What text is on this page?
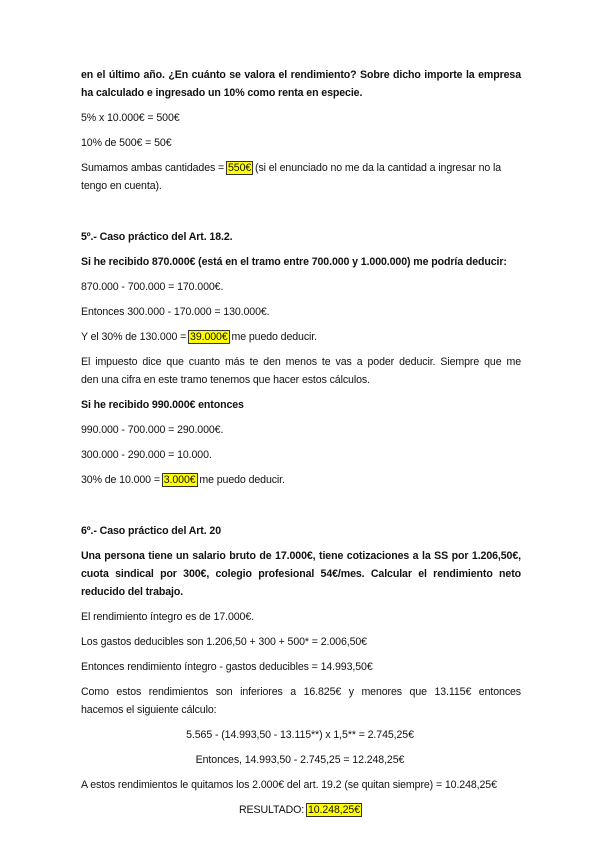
en el último año. ¿En cuánto se valora el rendimiento? Sobre dicho importe la empresa
ha calculado e ingresado un 10% como renta en especie.
5% x 10.000€ = 500€
10% de 500€ = 50€
Sumamos ambas cantidades = 550€ (si el enunciado no me da la cantidad a ingresar no la
tengo en cuenta).
5º.- Caso práctico del Art. 18.2.
Si he recibido 870.000€ (está en el tramo entre 700.000 y 1.000.000) me podría deducir:
870.000 - 700.000 = 170.000€.
Entonces 300.000 - 170.000 = 130.000€.
Y el 30% de 130.000 = 39.000€ me puedo deducir.
El impuesto dice que cuanto más te den menos te vas a poder deducir. Siempre que me
den una cifra en este tramo tenemos que hacer estos cálculos.
Si he recibido 990.000€ entonces
990.000 - 700.000 = 290.000€.
300.000 - 290.000 = 10.000.
30% de 10.000 = 3.000€ me puedo deducir.
6º.- Caso práctico del Art. 20
Una persona tiene un salario bruto de 17.000€, tiene cotizaciones a la SS por 1.206,50€,
cuota sindical por 300€, colegio profesional 54€/mes. Calcular el rendimiento neto
reducido del trabajo.
El rendimiento íntegro es de 17.000€.
Los gastos deducibles son 1.206,50 + 300 + 500* = 2.006,50€
Entonces rendimiento íntegro - gastos deducibles = 14.993,50€
Como estos rendimientos son inferiores a 16.825€ y menores que 13.115€ entonces
hacemos el siguiente cálculo:
5.565 - (14.993,50 - 13.115**) x 1,5** = 2.745,25€
Entonces, 14.993,50 - 2.745,25 = 12.248,25€
A estos rendimientos le quitamos los 2.000€ del art. 19.2 (se quitan siempre) = 10.248,25€
RESULTADO: 10.248,25€
